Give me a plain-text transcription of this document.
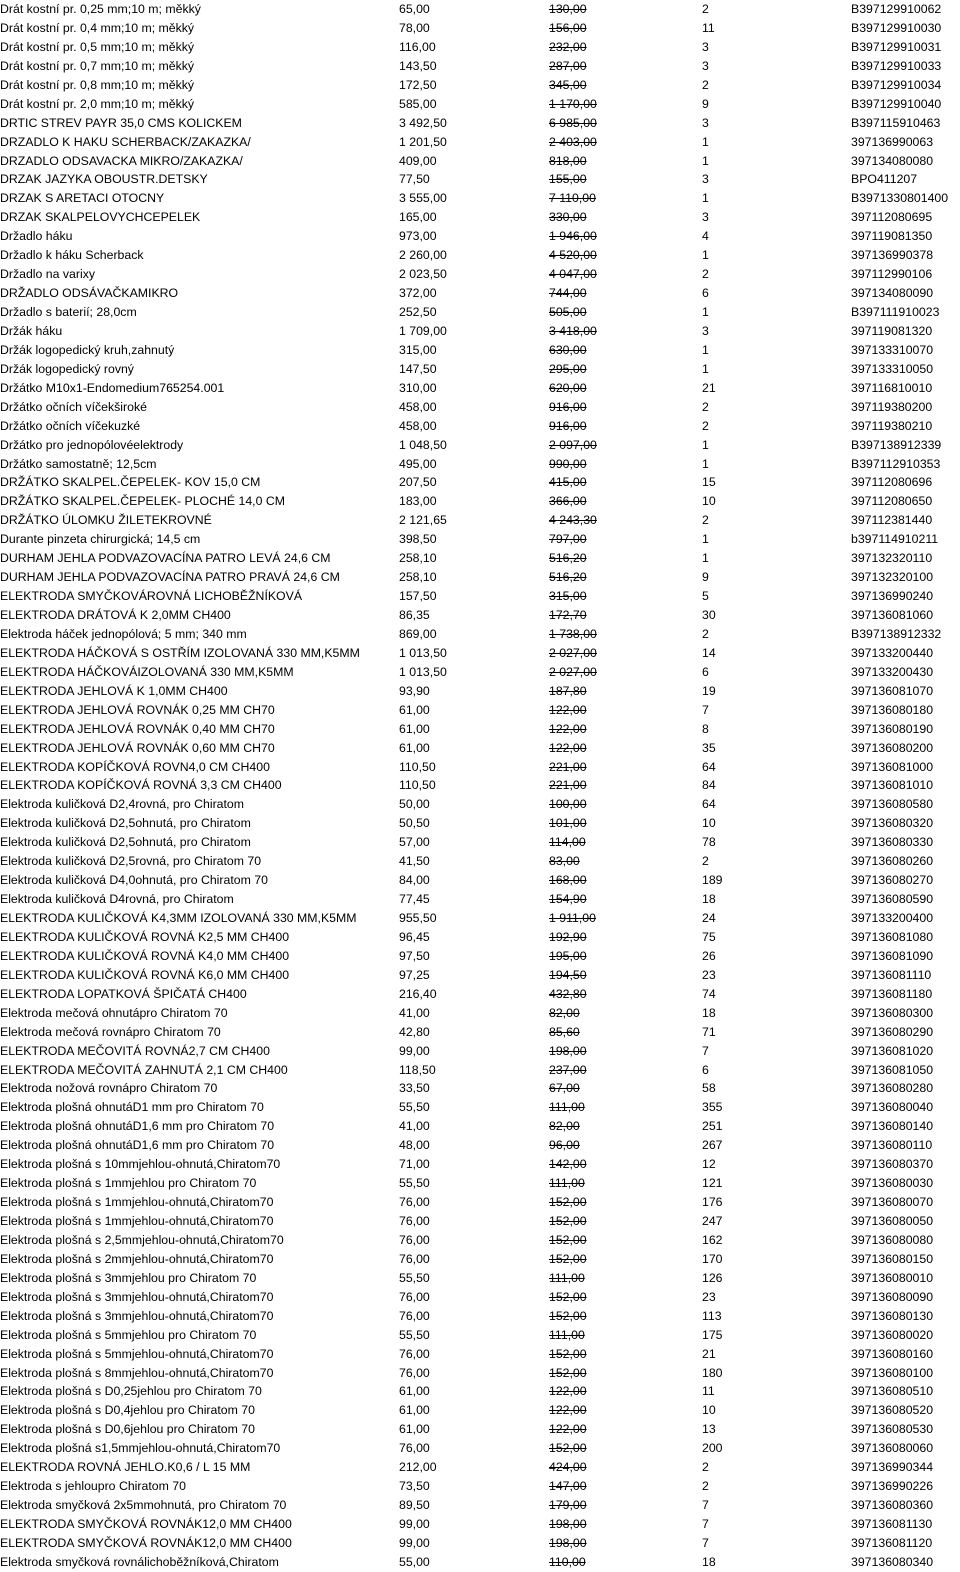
Drát kostní pr. 0,25 mm;10 m; měkký	65,00	130,00	2	B397129910062
Drát kostní pr. 0,4 mm;10 m; měkký	78,00	156,00	11	B397129910030
Drát kostní pr. 0,5 mm;10 m; měkký	116,00	232,00	3	B397129910031
Drát kostní pr. 0,7 mm;10 m; měkký	143,50	287,00	3	B397129910033
Drát kostní pr. 0,8 mm;10 m; měkký	172,50	345,00	2	B397129910034
Drát kostní pr. 2,0 mm;10 m; měkký	585,00	1 170,00	9	B397129910040
DRTIC STREV PAYR 35,0 CMS KOLICKEM	3 492,50	6 985,00	3	B397115910463
DRZADLO K HAKU SCHERBACK/ZAKAZKA/	1 201,50	2 403,00	1	397136990063
DRZADLO ODSAVACKA MIKRO/ZAKAZKA/	409,00	818,00	1	397134080080
DRZAK JAZYKA OBOUSTR.DETSKY	77,50	155,00	3	BPO411207
DRZAK S ARETACI OTOCNY	3 555,00	7 110,00	1	B3971330801400
DRZAK SKALPELOVYCHCEPELEK	165,00	330,00	3	397112080695
Držadlo háku	973,00	1 946,00	4	397119081350
Držadlo k háku Scherback	2 260,00	4 520,00	1	397136990378
Držadlo na varixy	2 023,50	4 047,00	2	397112990106
DRŽADLO ODSÁVAČKAMIKRO	372,00	744,00	6	397134080090
Držadlo s baterií; 28,0cm	252,50	505,00	1	B397111910023
Držák háku	1 709,00	3 418,00	3	397119081320
Držák logopedický kruh,zahnutý	315,00	630,00	1	397133310070
Držák logopedický rovný	147,50	295,00	1	397133310050
Držátko M10x1-Endomedium765254.001	310,00	620,00	21	397116810010
Držátko očních víčekširoké	458,00	916,00	2	397119380200
Držátko očních víčekuzké	458,00	916,00	2	397119380210
Držátko pro jednopólovéelektrody	1 048,50	2 097,00	1	B397138912339
Držátko samostatně; 12,5cm	495,00	990,00	1	B397112910353
DRŽÁTKO SKALPEL.ČEPELEK- KOV 15,0 CM	207,50	415,00	15	397112080696
DRŽÁTKO SKALPEL.ČEPELEK- PLOCHÉ 14,0 CM	183,00	366,00	10	397112080650
DRŽÁTKO ÚLOMKU ŽILETEKROVNÉ	2 121,65	4 243,30	2	397112381440
Durante pinzeta chirurgická; 14,5 cm	398,50	797,00	1	b397114910211
DURHAM JEHLA PODVAZOVACÍNA PATRO LEVÁ 24,6 CM	258,10	516,20	1	397132320110
DURHAM JEHLA PODVAZOVACÍNA PATRO PRAVÁ 24,6 CM	258,10	516,20	9	397132320100
ELEKTRODA SMYČKOVÁROVNÁ LICHOBĚŽNÍKOVÁ	157,50	315,00	5	397136990240
ELEKTRODA DRÁTOVÁ K 2,0MM CH400	86,35	172,70	30	397136081060
Elektroda háček jednopólová; 5 mm; 340 mm	869,00	1 738,00	2	B397138912332
ELEKTRODA HÁČKOVÁ S OSTŘÍM IZOLOVANÁ 330 MM,K5MM	1 013,50	2 027,00	14	397133200440
ELEKTRODA HÁČKOVÁIZOLOVANÁ 330 MM,K5MM	1 013,50	2 027,00	6	397133200430
ELEKTRODA JEHLOVÁ K 1,0MM CH400	93,90	187,80	19	397136081070
ELEKTRODA JEHLOVÁ ROVNÁK 0,25 MM CH70	61,00	122,00	7	397136080180
ELEKTRODA JEHLOVÁ ROVNÁK 0,40 MM CH70	61,00	122,00	8	397136080190
ELEKTRODA JEHLOVÁ ROVNÁK 0,60 MM CH70	61,00	122,00	35	397136080200
ELEKTRODA KOPÍČKOVÁ ROVN4,0 CM CH400	110,50	221,00	64	397136081000
ELEKTRODA KOPÍČKOVÁ ROVNÁ 3,3 CM CH400	110,50	221,00	84	397136081010
Elektroda kuličková D2,4rovná, pro Chiratom	50,00	100,00	64	397136080580
Elektroda kuličková D2,5ohnutá, pro Chiratom	50,50	101,00	10	397136080320
Elektroda kuličková D2,5ohnutá, pro Chiratom	57,00	114,00	78	397136080330
Elektroda kuličková D2,5rovná, pro Chiratom 70	41,50	83,00	2	397136080260
Elektroda kuličková D4,0ohnutá, pro Chiratom 70	84,00	168,00	189	397136080270
Elektroda kuličková D4rovná, pro Chiratom	77,45	154,90	18	397136080590
ELEKTRODA KULIČKOVÁ K4,3MM IZOLOVANÁ 330 MM,K5MM	955,50	1 911,00	24	397133200400
ELEKTRODA KULIČKOVÁ ROVNÁ K2,5 MM CH400	96,45	192,90	75	397136081080
ELEKTRODA KULIČKOVÁ ROVNÁ K4,0 MM CH400	97,50	195,00	26	397136081090
ELEKTRODA KULIČKOVÁ ROVNÁ K6,0 MM CH400	97,25	194,50	23	397136081110
ELEKTRODA LOPATKOVÁ ŠPIČATÁ CH400	216,40	432,80	74	397136081180
Elektroda mečová ohnutápro Chiratom 70	41,00	82,00	18	397136080300
Elektroda mečová rovnápro Chiratom 70	42,80	85,60	71	397136080290
ELEKTRODA MEČOVITÁ ROVNÁ2,7 CM CH400	99,00	198,00	7	397136081020
ELEKTRODA MEČOVITÁ ZAHNUTÁ 2,1 CM CH400	118,50	237,00	6	397136081050
Elektroda nožová rovnápro Chiratom 70	33,50	67,00	58	397136080280
Elektroda plošná ohnutáD1 mm pro Chiratom 70	55,50	111,00	355	397136080040
Elektroda plošná ohnutáD1,6 mm pro Chiratom 70	41,00	82,00	251	397136080140
Elektroda plošná ohnutáD1,6 mm pro Chiratom 70	48,00	96,00	267	397136080110
Elektroda plošná s 10mmjehlou-ohnutá,Chiratom70	71,00	142,00	12	397136080370
Elektroda plošná s 1mmjehlou pro Chiratom 70	55,50	111,00	121	397136080030
Elektroda plošná s 1mmjehlou-ohnutá,Chiratom70	76,00	152,00	176	397136080070
Elektroda plošná s 1mmjehlou-ohnutá,Chiratom70	76,00	152,00	247	397136080050
Elektroda plošná s 2,5mmjehlou-ohnutá,Chiratom70	76,00	152,00	162	397136080080
Elektroda plošná s 2mmjehlou-ohnutá,Chiratom70	76,00	152,00	170	397136080150
Elektroda plošná s 3mmjehlou pro Chiratom 70	55,50	111,00	126	397136080010
Elektroda plošná s 3mmjehlou-ohnutá,Chiratom70	76,00	152,00	23	397136080090
Elektroda plošná s 3mmjehlou-ohnutá,Chiratom70	76,00	152,00	113	397136080130
Elektroda plošná s 5mmjehlou pro Chiratom 70	55,50	111,00	175	397136080020
Elektroda plošná s 5mmjehlou-ohnutá,Chiratom70	76,00	152,00	21	397136080160
Elektroda plošná s 8mmjehlou-ohnutá,Chiratom70	76,00	152,00	180	397136080100
Elektroda plošná s D0,25jehlou pro Chiratom 70	61,00	122,00	11	397136080510
Elektroda plošná s D0,4jehlou pro Chiratom 70	61,00	122,00	10	397136080520
Elektroda plošná s D0,6jehlou pro Chiratom 70	61,00	122,00	13	397136080530
Elektroda plošná s1,5mmjehlou-ohnutá,Chiratom70	76,00	152,00	200	397136080060
ELEKTRODA ROVNÁ JEHLO.K0,6 / L 15 MM	212,00	424,00	2	397136990344
Elektroda s jehloupro Chiratom 70	73,50	147,00	2	397136990226
Elektroda smyčková 2x5mmohnutá, pro Chiratom 70	89,50	179,00	7	397136080360
ELEKTRODA SMYČKOVÁ ROVNÁK12,0 MM CH400	99,00	198,00	7	397136081130
ELEKTRODA SMYČKOVÁ ROVNÁK12,0 MM CH400	99,00	198,00	7	397136081120
Elektroda smyčková rovnálichoběžníková,Chiratom	55,00	110,00	18	397136080340
